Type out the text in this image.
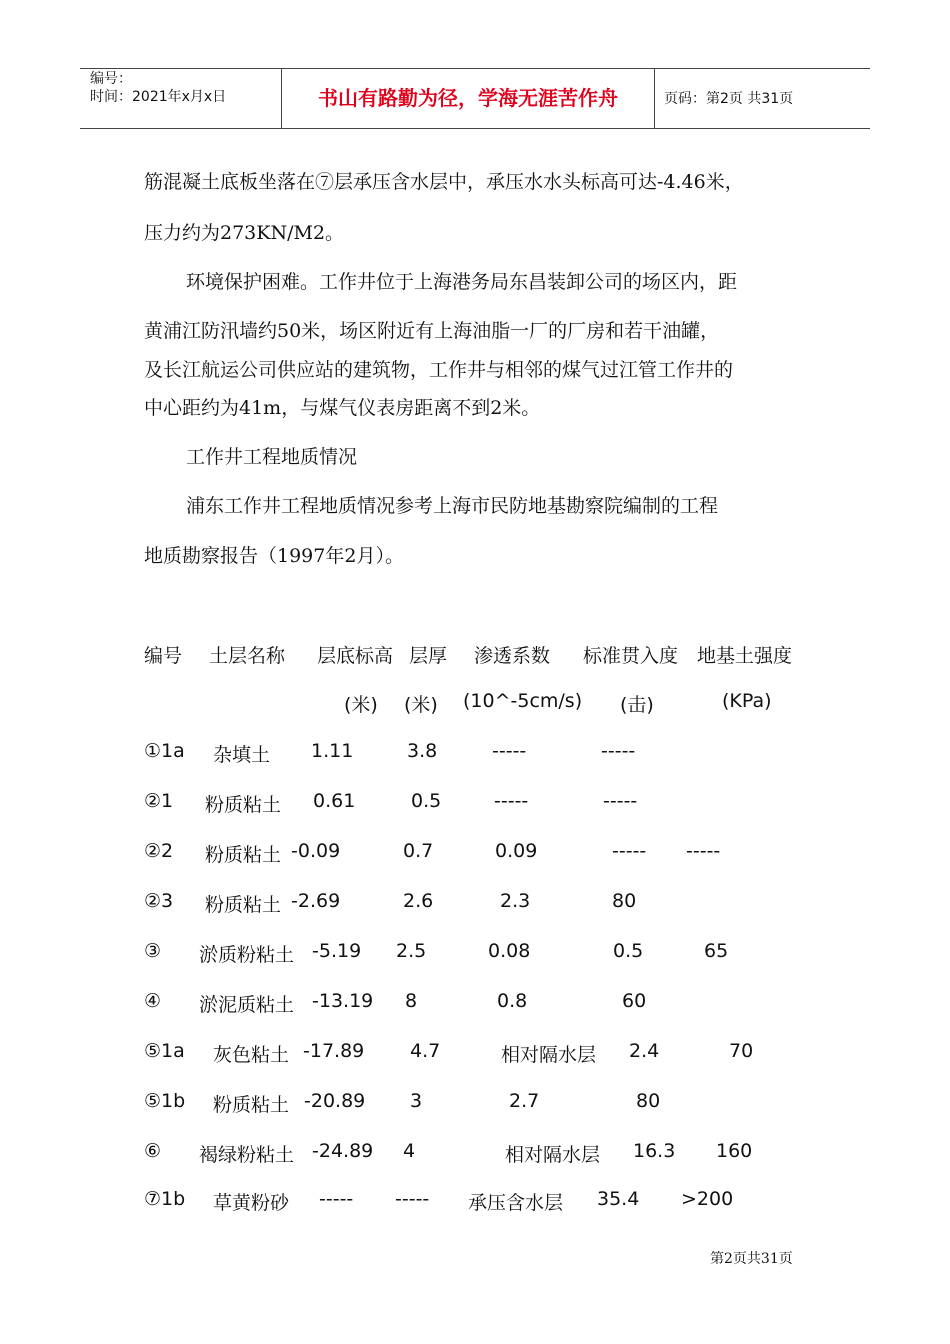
编号：
时间：2021年x月x日	书山有路勤为径，学海无涯苦作舟	页码：第2页 共31页
筋混凝土底板坐落在⑦层承压含水层中，承压水水头标高可达-4.46米，
压力约为273KN/M2。
环境保护困难。工作井位于上海港务局东昌装卸公司的场区内，距
黄浦江防汛墙约50米，场区附近有上海油脂一厂的厂房和若干油罐，
及长江航运公司供应站的建筑物，工作井与相邻的煤气过江管工作井的
中心距约为41m，与煤气仪表房距离不到2米。
工作井工程地质情况
浦东工作井工程地质情况参考上海市民防地基勘察院编制的工程
地质勘察报告（1997年2月）。
编号 土层名称 层底标高 层厚 渗透系数 标准贯入度 地基土强度
(米) (米) (10^-5cm/s) (击)	(KPa)
①1a 杂填土 1.11	3.8	-----	-----
②1 粉质粘土 0.61	0.5	-----	-----
②2 粉质粘土 -0.09	0.7	0.09	----- -----
②3 粉质粘土 -2.69	2.6	2.3	80
③ 淤质粉粘土 -5.19 2.5	0.08	0.5	65
④ 淤泥质粘土 -13.19 8	0.8	60
⑤1a 灰色粘土 -17.89 4.7	相对隔水层 2.4	70
⑤1b 粉质粘土 -20.89 3	2.7	80
⑥ 褐绿粉粘土 -24.89 4	相对隔水层 16.3 160
⑦1b 草黄粉砂 ----- ----- 承压含水层 35.4 >200
第2页共31页
